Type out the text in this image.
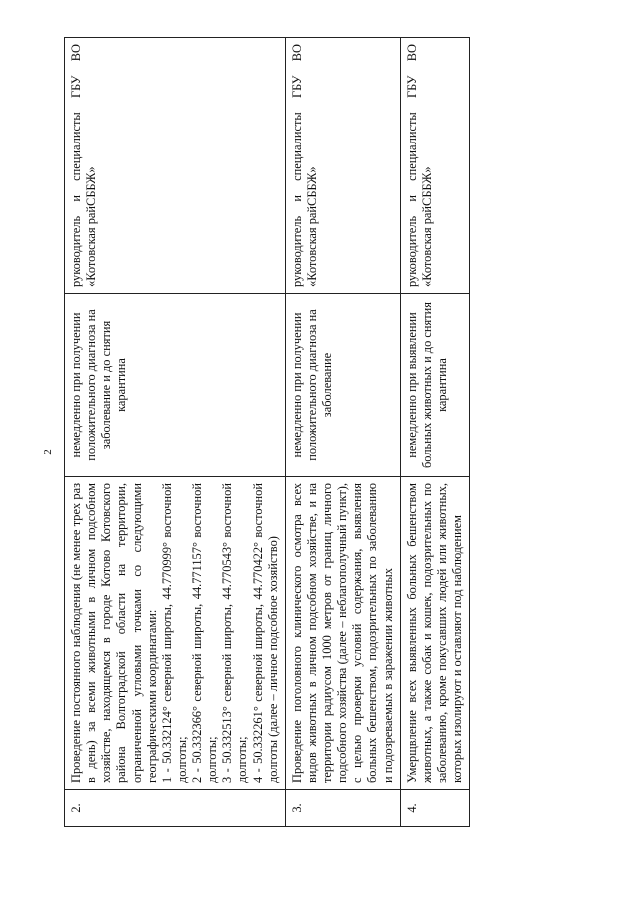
2
2.	Проведение постоянного наблюдения (не менее трех раз в день) за всеми животными в личном подсобном хозяйстве, находящемся в городе Котово Котовского района Волгоградской области на территории, ограниченной угловыми точками со следующими географическими координатами: 1 - 50.332124° северной широты, 44.770999° восточной долготы; 2 - 50.332366° северной широты, 44.771157° восточной долготы; 3 - 50.332513° северной широты, 44.770543° восточной долготы; 4 - 50.332261° северной широты, 44.770422° восточной долготы (далее – личное подсобное хозяйство)	немедленно при получении положительного диагноза на заболевание и до снятия карантина	руководитель и специалисты ГБУ ВО «Котовская райСББЖ»
3.	Проведение поголовного клинического осмотра всех видов животных в личном подсобном хозяйстве, и на территории радиусом 1000 метров от границ личного подсобного хозяйства (далее – неблагополучный пункт), с целью проверки условий содержания, выявления больных бешенством, подозрительных по заболеванию и подозреваемых в заражении животных	немедленно при получении положительного диагноза на заболевание	руководитель и специалисты ГБУ ВО «Котовская райСББЖ»
4.	Умерщвление всех выявленных больных бешенством животных, а также собак и кошек, подозрительных по заболеванию, кроме покусавших людей или животных, которых изолируют и оставляют под наблюдением	немедленно при выявлении больных животных и до снятия карантина	руководитель и специалисты ГБУ ВО «Котовская райСББЖ»
